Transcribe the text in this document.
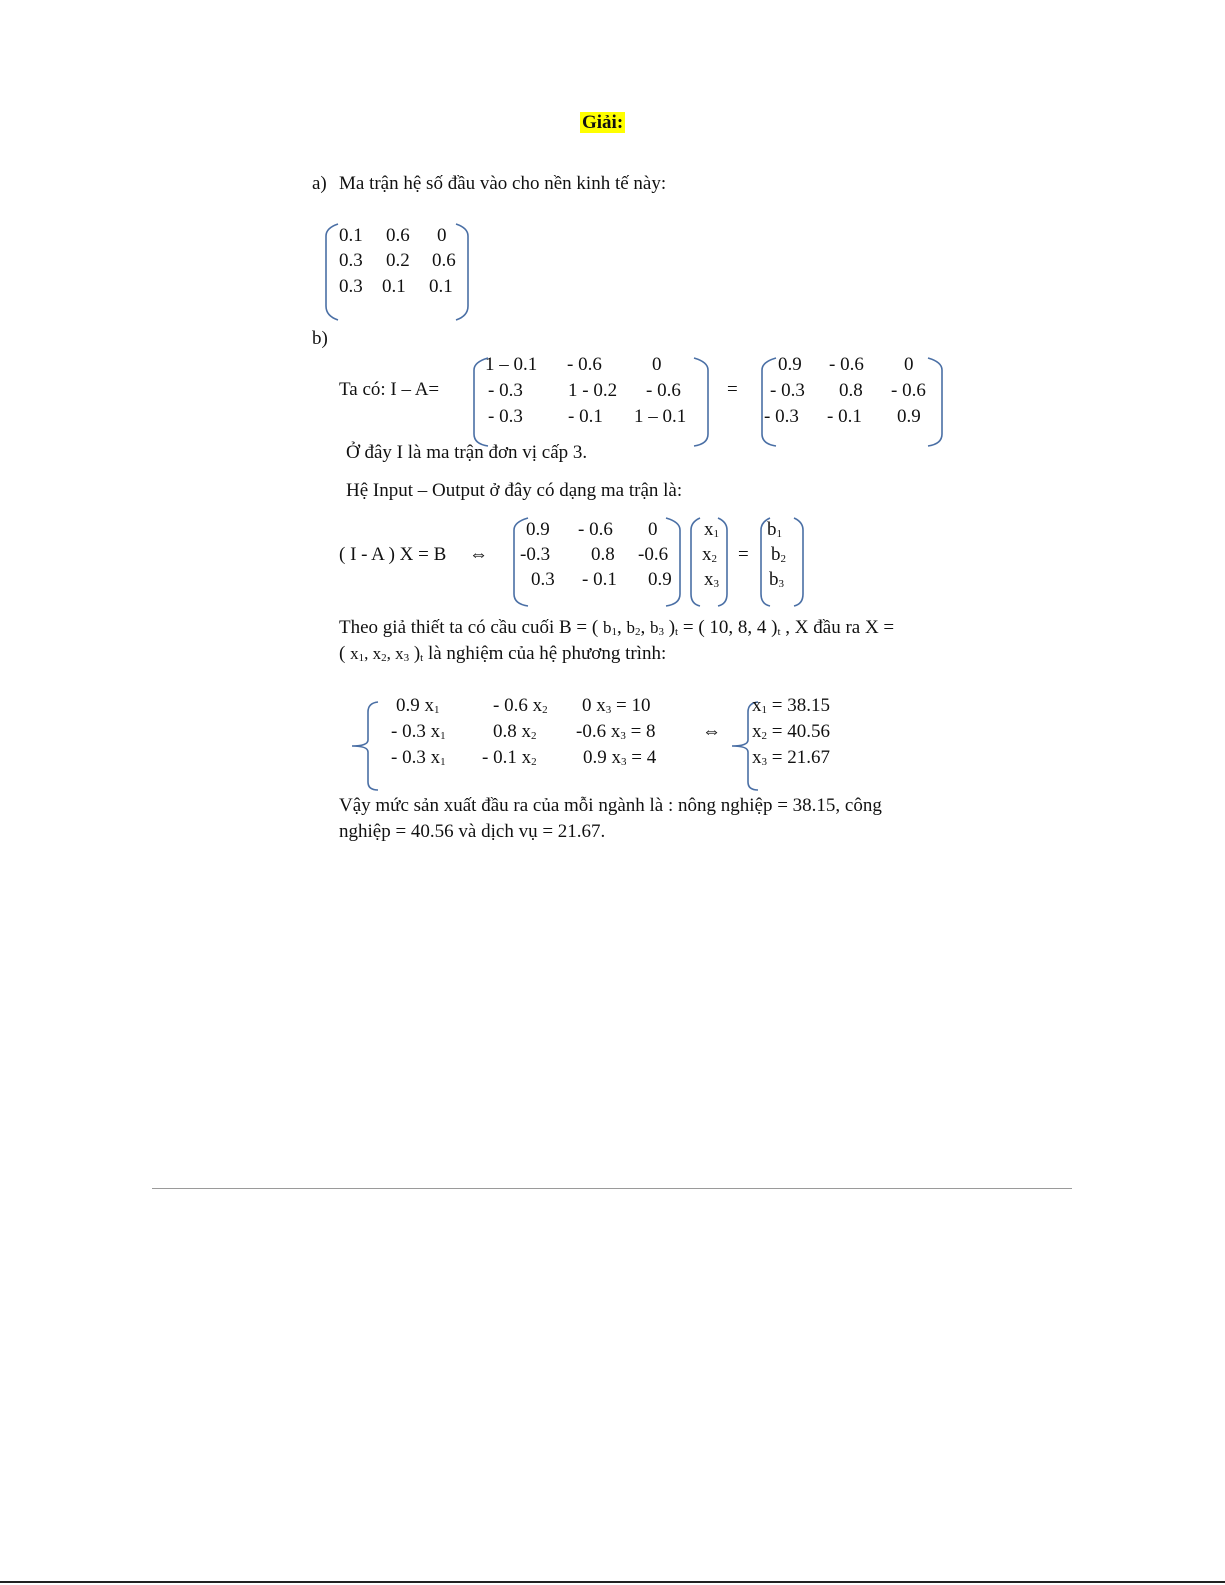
Giải:
a) Ma trận hệ số đầu vào cho nền kinh tế này:
0.1 0.6 0
0.3 0.2 0.6
0.3 0.1 0.1
b)
Ta có: I – A=
1 – 0.1 - 0.6	0
- 0.3 1 - 0.2 - 0.6
- 0.3 - 0.1 1 – 0.1
=
0.9 - 0.6 0
- 0.3 0.8 - 0.6
- 0.3 - 0.1 0.9
Ở đây I là ma trận đơn vị cấp 3.
Hệ Input – Output ở đây có dạng ma trận là:
( I - A ) X = B ⇔
0.9 - 0.6 0
-0.3 0.8 -0.6
0.3 - 0.1 0.9
$x_1$
$x_2$
$x_3$
=
$b_1$
$b_2$
$b_3$
Theo giả thiết ta có cầu cuối B = ( $b_1$, $b_2$, $b_3$ )$_t$ = ( 10, 8, 4 )$_t$ , X đầu ra X =
( $x_1$, $x_2$, $x_3$ )$_t$ là nghiệm của hệ phương trình:
0.9 $x_1$	- 0.6 $x_2$ 0 $x_3 = 10$
- 0.3 $x_1$ 0.8 $x_2$ -0.6 $x_3 = 8$
- 0.3 $x_1 - 0.1$ $x_2$ 0.9 $x_3 = 4$
⇔
$x_1 = 38.15$
$x_2 = 40.56$
$x_3 = 21.67$
Vậy mức sản xuất đầu ra của mỗi ngành là : nông nghiệp = 38.15, công
nghiệp = 40.56 và dịch vụ = 21.67.
